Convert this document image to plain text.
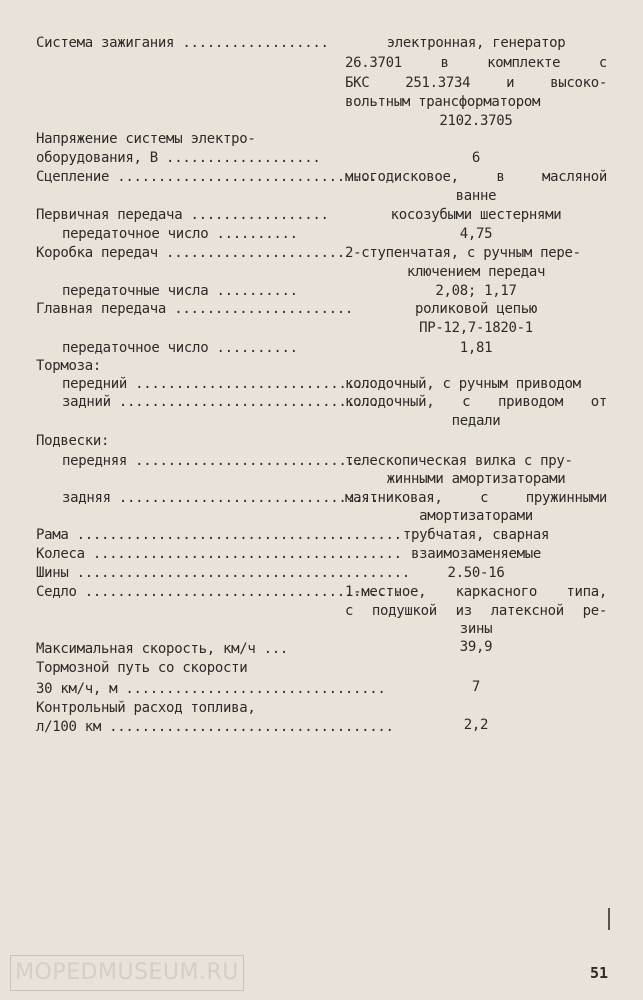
Система зажигания ..................	электронная, генератор
26.3701 в комплекте с
БКС 251.3734 и высоко-
вольтным трансформатором
2102.3705
Напряжение системы электро-
оборудования, В ...................	6
Сцепление ................................
многодисковое, в масляной
ванне
Первичная передача .................	косозубыми шестернями
передаточное число ..........	4,75
Коробка передач ...................... 2-ступенчатая, с ручным пере-
ключением передач
передаточные числа ..........	2,08; 1,17
Главная передача ......................	роликовой цепью
ПР-12,7-1820-1
передаточное число ..........	1,81
Тормоза:
передний .............................
колодочный, с ручным приводом
задний ................................
колодочный, с приводом от
педали
Подвески:
передняя ............................
телескопическая вилка с пру-
жинными амортизаторами
задняя ................................
маятниковая, с пружинными
амортизаторами
Рама ........................................ трубчатая, сварная
Колеса ...................................... взаимозаменяемые
Шины .........................................	2.50-16
Седло .......................................
1-местное, каркасного типа,
с подушкой из латексной ре-
зины
Максимальная скорость, км/ч ...	39,9
Тормозной путь со скорости
30 км/ч, м ................................	7
Контрольный расход топлива,
л/100 км ...................................	2,2
MOPEDMUSEUM.RU	51
